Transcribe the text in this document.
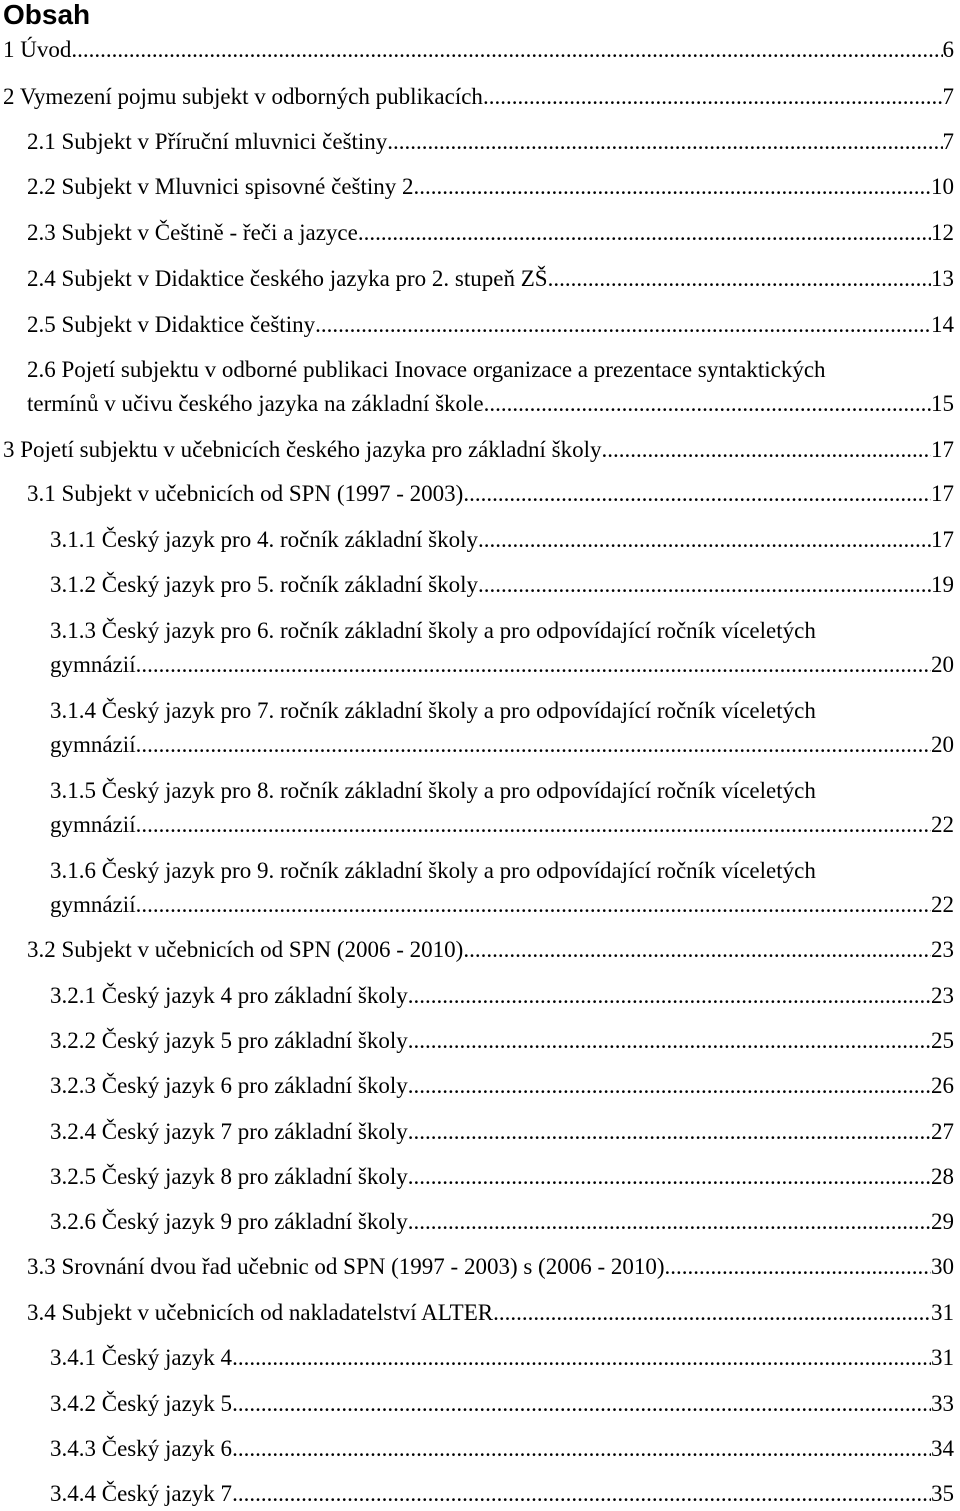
Obsah
1 Úvod .....	6
2 Vymezení pojmu subjekt v odborných publikacích .....	7
2.1 Subjekt v Příruční mluvnici češtiny .....	7
2.2 Subjekt v Mluvnici spisovné češtiny 2. .....	10
2.3 Subjekt v Češtině - řeči a jazyce .....	12
2.4 Subjekt v Didaktice českého jazyka pro 2. stupeň ZŠ .....	13
2.5 Subjekt v Didaktice češtiny .....	14
2.6 Pojetí subjektu v odborné publikaci Inovace organizace a prezentace syntaktických
termínů v učivu českého jazyka na základní škole .....	15
3 Pojetí subjektu v učebnicích českého jazyka pro základní školy .....	17
3.1 Subjekt v učebnicích od SPN (1997 - 2003) .....	17
3.1.1 Český jazyk pro 4. ročník základní školy .....	17
3.1.2 Český jazyk pro 5. ročník základní školy .....	19
3.1.3 Český jazyk pro 6. ročník základní školy a pro odpovídající ročník víceletých
gymnázií .....	20
3.1.4 Český jazyk pro 7. ročník základní školy a pro odpovídající ročník víceletých
gymnázií .....	20
3.1.5 Český jazyk pro 8. ročník základní školy a pro odpovídající ročník víceletých
gymnázií .....	22
3.1.6 Český jazyk pro 9. ročník základní školy a pro odpovídající ročník víceletých
gymnázií .....	22
3.2 Subjekt v učebnicích od SPN (2006 - 2010) .....	23
3.2.1 Český jazyk 4 pro základní školy .....	23
3.2.2 Český jazyk 5 pro základní školy .....	25
3.2.3 Český jazyk 6 pro základní školy .....	26
3.2.4 Český jazyk 7 pro základní školy .....	27
3.2.5 Český jazyk 8 pro základní školy .....	28
3.2.6 Český jazyk 9 pro základní školy .....	29
3.3 Srovnání dvou řad učebnic od SPN (1997 - 2003) s (2006 - 2010) .....	30
3.4 Subjekt v učebnicích od nakladatelství ALTER .....	31
3.4.1 Český jazyk 4 .....	31
3.4.2 Český jazyk 5 .....	33
3.4.3 Český jazyk 6 .....	34
3.4.4 Český jazyk 7 .....	35
